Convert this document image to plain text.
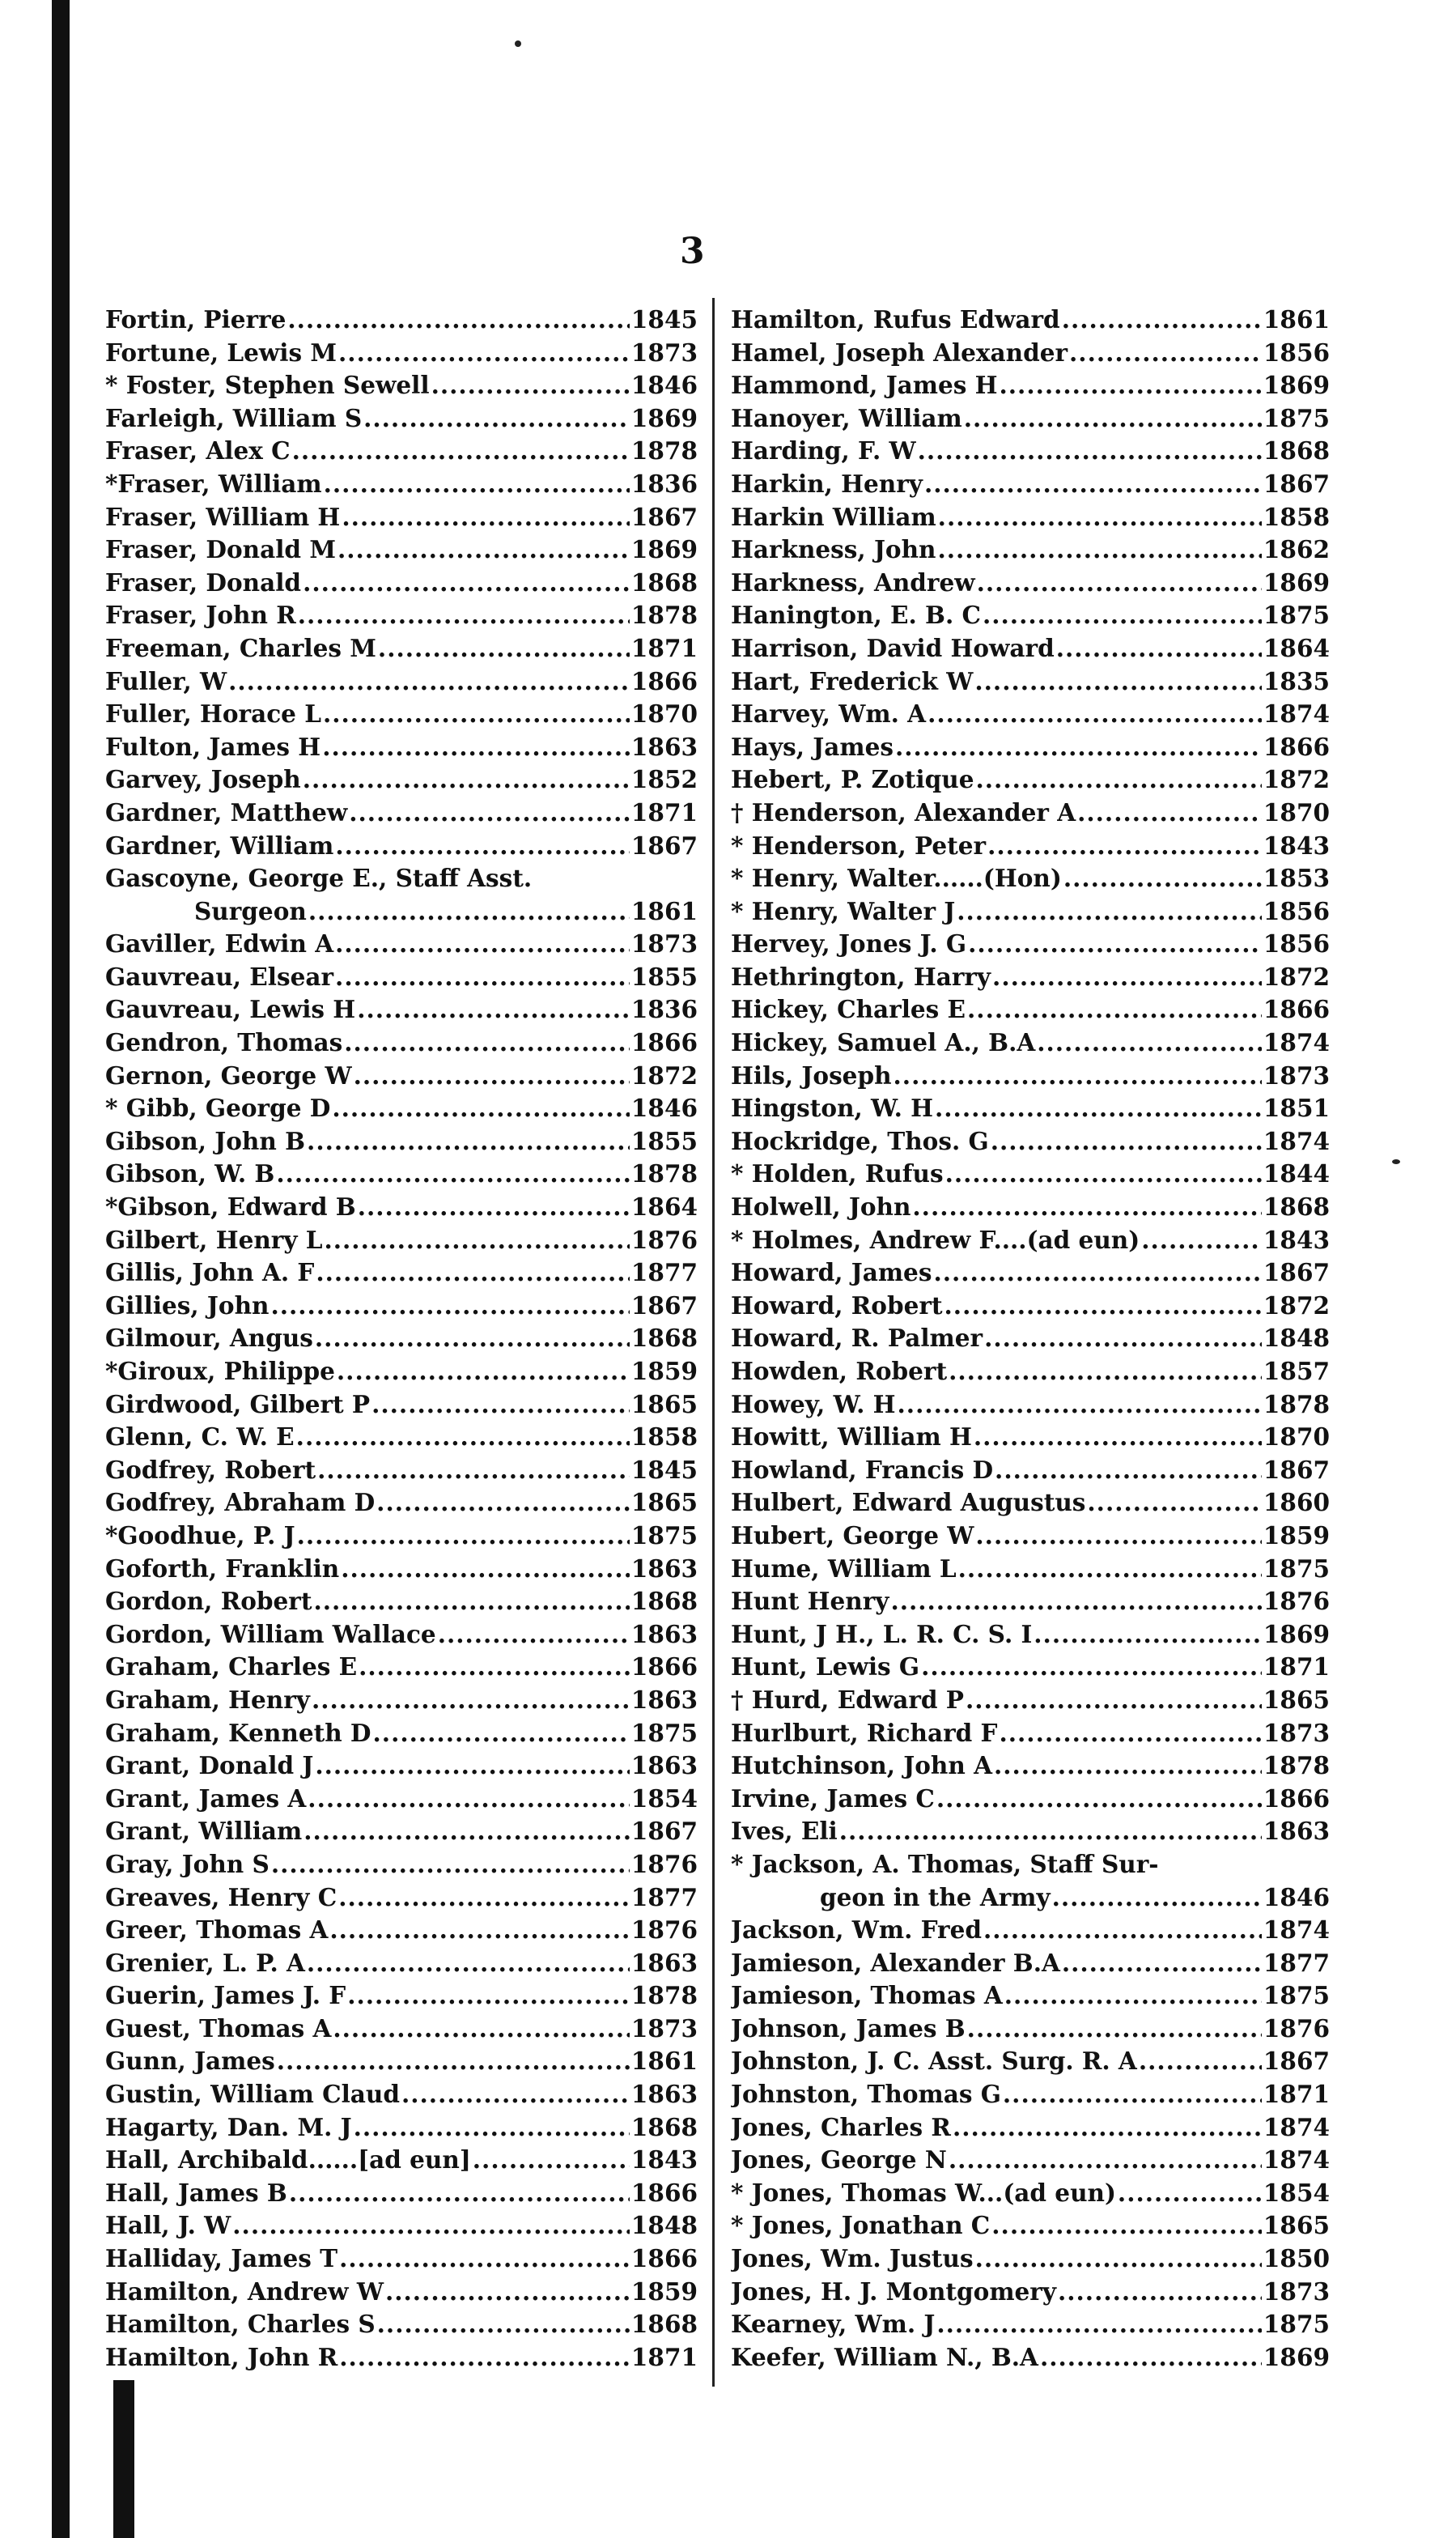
3
Fortin, Pierre .....	1845
Fortune, Lewis M .....	1873
* Foster, Stephen Sewell .....	1846
Farleigh, William S .....	1869
Fraser, Alex C .....	1878
*Fraser, William .....	1836
Fraser, William H .....	1867
Fraser, Donald M .....	1869
Fraser, Donald .....	1868
Fraser, John R .....	1878
Freeman, Charles M .....	1871
Fuller, W .....	1866
Fuller, Horace L .....	1870
Fulton, James H .....	1863
Garvey, Joseph .....	1852
Gardner, Matthew .....	1871
Gardner, William .....	1867
Gascoyne, George E., Staff Asst.
Surgeon .....	1861
Gaviller, Edwin A .....	1873
Gauvreau, Elsear .....	1855
Gauvreau, Lewis H .....	1836
Gendron, Thomas .....	1866
Gernon, George W .....	1872
* Gibb, George D .....	1846
Gibson, John B .....	1855
Gibson, W. B .....	1878
*Gibson, Edward B .....	1864
Gilbert, Henry L .....	1876
Gillis, John A. F .....	1877
Gillies, John .....	1867
Gilmour, Angus .....	1868
*Giroux, Philippe .....	1859
Girdwood, Gilbert P .....	1865
Glenn, C. W. E .....	1858
Godfrey, Robert .....	1845
Godfrey, Abraham D .....	1865
*Goodhue, P. J .....	1875
Goforth, Franklin .....	1863
Gordon, Robert .....	1868
Gordon, William Wallace .....	1863
Graham, Charles E .....	1866
Graham, Henry .....	1863
Graham, Kenneth D .....	1875
Grant, Donald J .....	1863
Grant, James A .....	1854
Grant, William .....	1867
Gray, John S .....	1876
Greaves, Henry C .....	1877
Greer, Thomas A .....	1876
Grenier, L. P. A .....	1863
Guerin, James J. F .....	1878
Guest, Thomas A .....	1873
Gunn, James .....	1861
Gustin, William Claud .....	1863
Hagarty, Dan. M. J .....	1868
Hall, Archibald......[ad eun] .....	1843
Hall, James B .....	1866
Hall, J. W .....	1848
Halliday, James T .....	1866
Hamilton, Andrew W .....	1859
Hamilton, Charles S .....	1868
Hamilton, John R .....	1871
Hamilton, Rufus Edward .....	1861
Hamel, Joseph Alexander .....	1856
Hammond, James H .....	1869
Hanoyer, William .....	1875
Harding, F. W .....	1868
Harkin, Henry .....	1867
Harkin William .....	1858
Harkness, John .....	1862
Harkness, Andrew .....	1869
Hanington, E. B. C .....	1875
Harrison, David Howard .....	1864
Hart, Frederick W .....	1835
Harvey, Wm. A .....	1874
Hays, James .....	1866
Hebert, P. Zotique .....	1872
† Henderson, Alexander A .....	1870
* Henderson, Peter .....	1843
* Henry, Walter......(Hon) .....	1853
* Henry, Walter J .....	1856
Hervey, Jones J. G .....	1856
Hethrington, Harry .....	1872
Hickey, Charles E .....	1866
Hickey, Samuel A., B.A .....	1874
Hils, Joseph .....	1873
Hingston, W. H .....	1851
Hockridge, Thos. G .....	1874
* Holden, Rufus .....	1844
Holwell, John .....	1868
* Holmes, Andrew F....(ad eun) .....	1843
Howard, James .....	1867
Howard, Robert .....	1872
Howard, R. Palmer .....	1848
Howden, Robert .....	1857
Howey, W. H .....	1878
Howitt, William H .....	1870
Howland, Francis D .....	1867
Hulbert, Edward Augustus .....	1860
Hubert, George W .....	1859
Hume, William L .....	1875
Hunt Henry .....	1876
Hunt, J H., L. R. C. S. I .....	1869
Hunt, Lewis G .....	1871
† Hurd, Edward P .....	1865
Hurlburt, Richard F .....	1873
Hutchinson, John A .....	1878
Irvine, James C .....	1866
Ives, Eli .....	1863
* Jackson, A. Thomas, Staff Sur-
geon in the Army .....	1846
Jackson, Wm. Fred .....	1874
Jamieson, Alexander B.A .....	1877
Jamieson, Thomas A .....	1875
Johnson, James B .....	1876
Johnston, J. C. Asst. Surg. R. A .....	1867
Johnston, Thomas G .....	1871
Jones, Charles R .....	1874
Jones, George N .....	1874
* Jones, Thomas W...(ad eun) .....	1854
* Jones, Jonathan C .....	1865
Jones, Wm. Justus .....	1850
Jones, H. J. Montgomery .....	1873
Kearney, Wm. J .....	1875
Keefer, William N., B.A .....	1869
